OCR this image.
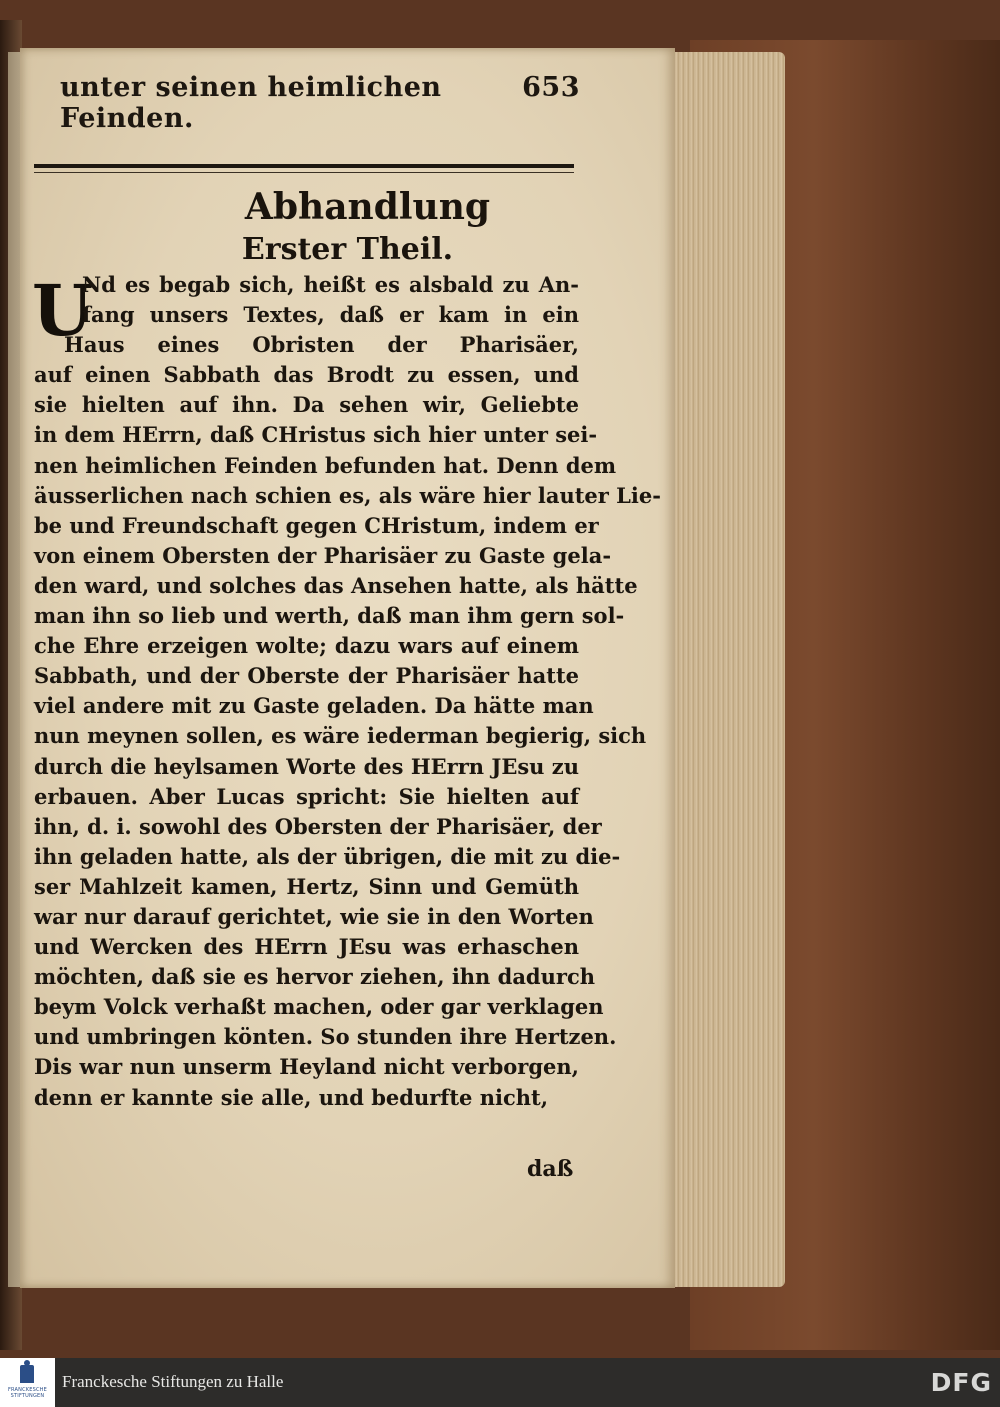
unter seinen heimlichen Feinden.
653
Abhandlung
Erster Theil.
U
Nd es begab sich, heißt es alsbald zu An-
fang unsers Textes, daß er kam in ein
Haus eines Obristen der Pharisäer,
auf einen Sabbath das Brodt zu essen, und
sie hielten auf ihn. Da sehen wir, Geliebte
in dem HErrn, daß CHristus sich hier unter sei-
nen heimlichen Feinden befunden hat. Denn dem
äusserlichen nach schien es, als wäre hier lauter Lie-
be und Freundschaft gegen CHristum, indem er
von einem Obersten der Pharisäer zu Gaste gela-
den ward, und solches das Ansehen hatte, als hätte
man ihn so lieb und werth, daß man ihm gern sol-
che Ehre erzeigen wolte; dazu wars auf einem
Sabbath, und der Oberste der Pharisäer hatte
viel andere mit zu Gaste geladen. Da hätte man
nun meynen sollen, es wäre iederman begierig, sich
durch die heylsamen Worte des HErrn JEsu zu
erbauen. Aber Lucas spricht: Sie hielten auf
ihn, d. i. sowohl des Obersten der Pharisäer, der
ihn geladen hatte, als der übrigen, die mit zu die-
ser Mahlzeit kamen, Hertz, Sinn und Gemüth
war nur darauf gerichtet, wie sie in den Worten
und Wercken des HErrn JEsu was erhaschen
möchten, daß sie es hervor ziehen, ihn dadurch
beym Volck verhaßt machen, oder gar verklagen
und umbringen könten. So stunden ihre Hertzen.
Dis war nun unserm Heyland nicht verborgen,
denn er kannte sie alle, und bedurfte nicht,
daß
FRANCKESCHE STIFTUNGEN
Franckesche Stiftungen zu Halle	DFG
